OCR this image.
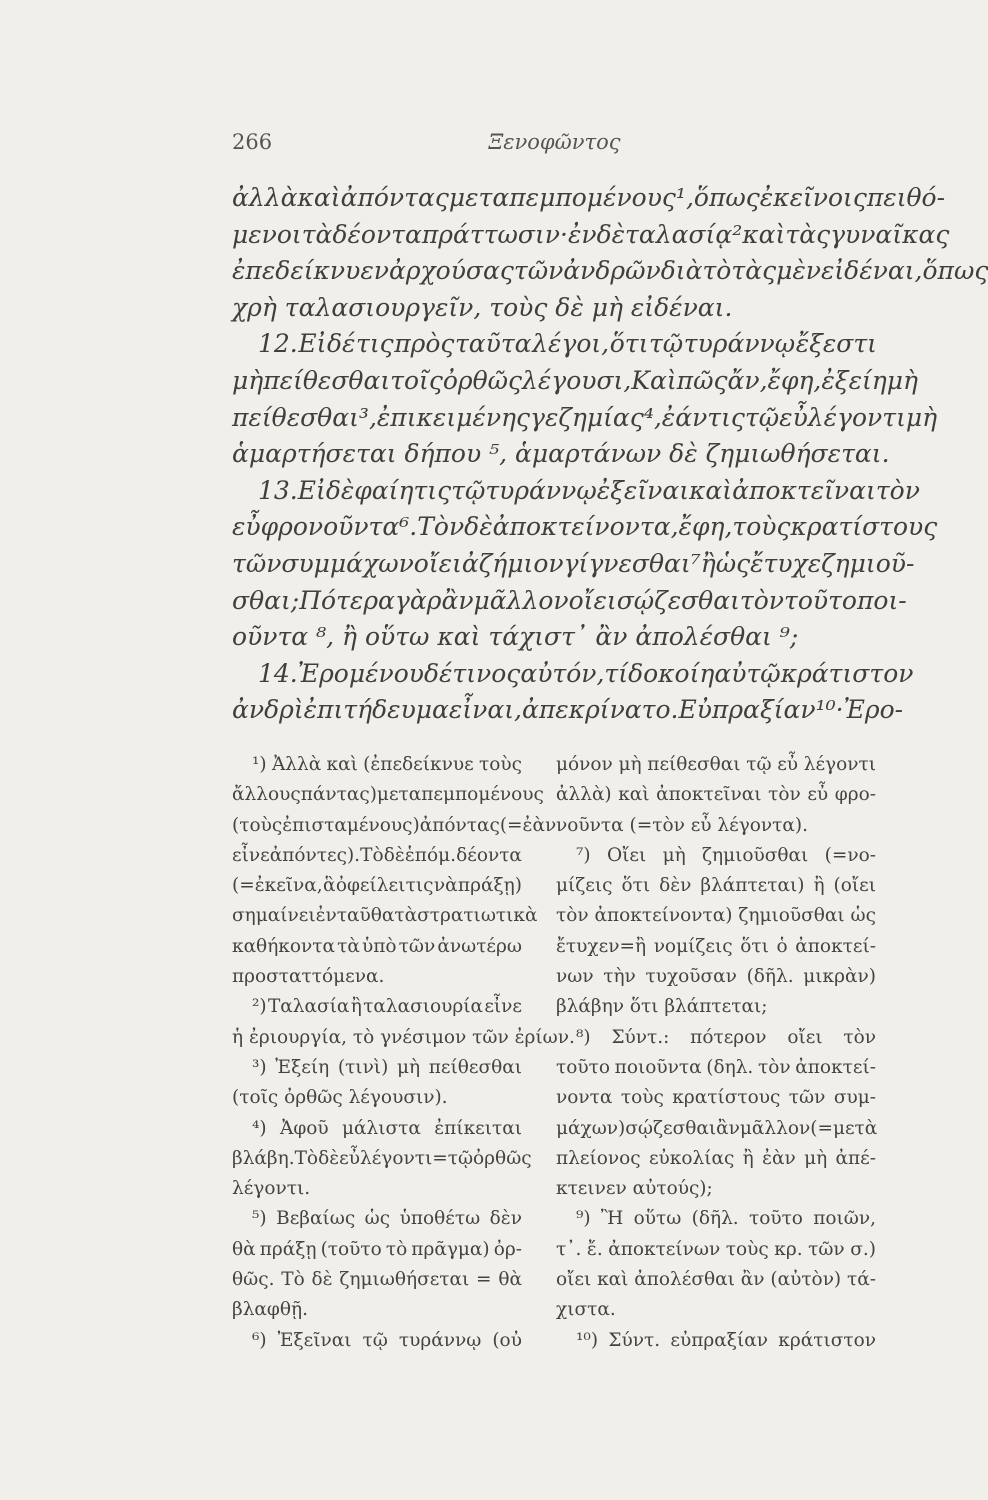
266	Ξενοφῶντος
ἀλλὰ καὶ ἀπόντας μεταπεμπομένους ¹, ὅπως ἐκεῖνοις πειθό-
μενοι τὰ δέοντα πράττωσιν· ἐν δὲ ταλασίᾳ ² καὶ τὰς γυναῖκας
ἐπεδείκνυεν ἀρχούσας τῶν ἀνδρῶν διὰ τὸ τὰς μὲν εἰδέναι, ὅπως
χρὴ ταλασιουργεῖν, τοὺς δὲ μὴ εἰδέναι.
12. Εἰ δέ τις πρὸς ταῦτα λέγοι, ὅτι τῷ τυράννῳ ἔξεστι
μὴ πείθεσθαι τοῖς ὀρθῶς λέγουσι, Καὶ πῶς ἄν, ἔφη, ἐξείη μὴ
πείθεσθαι ³, ἐπικειμένης γε ζημίας ⁴, ἐάν τις τῷ εὖ λέγοντι μὴ
ἁμαρτήσεται δήπου ⁵, ἁμαρτάνων δὲ ζημιωθήσεται.
13. Εἰ δὲ φαίη τις τῷ τυράννῳ ἐξεῖναι καὶ ἀποκτεῖναι τὸν
εὖ φρονοῦντα ⁶. Τὸν δὲ ἀποκτείνοντα, ἔφη, τοὺς κρατίστους
τῶν συμμάχων οἴει ἀζήμιον γίγνεσθαι ⁷ ἢ ὡς ἔτυχε ζημιοῦ-
σθαι; Πότερα γὰρ ἂν μᾶλλον οἴει σῴζεσθαι τὸν τοῦτο ποι-
οῦντα ⁸, ἢ οὕτω καὶ τάχιστ᾽ ἂν ἀπολέσθαι ⁹;
14. Ἐρομένου δέ τινος αὐτόν, τί δοκοίη αὐτῷ κράτιστον
ἀνδρὶ ἐπιτήδευμα εἶναι, ἀπεκρίνατο. Εὐπραξίαν ¹⁰· Ἐρο-
¹) Ἀλλὰ καὶ (ἐπεδείκνυε τοὺς
ἄλλους πάντας) μεταπεμπομένους
(τοὺς ἐπισταμένους) ἀπόντας (=ἐὰν
εἶνε ἀπόντες). Τὸ δὲ ἑπόμ. δέοντα
(=ἐκεῖνα, ἃ ὀφείλει τις νὰ πράξῃ)
σημαίνει ἐνταῦθα τὰ στρατιωτικὰ
καθήκοντα τὰ ὑπὸ τῶν ἀνωτέρω
προσταττόμενα.
²) Ταλασία ἢ ταλασιουρία εἶνε
ἡ ἐριουργία, τὸ γνέσιμον τῶν ἐρίων.
³) Ἐξείη (τινὶ) μὴ πείθεσθαι
(τοῖς ὀρθῶς λέγουσιν).
⁴) Ἀφοῦ μάλιστα ἐπίκειται
βλάβη. Τὸ δὲ εὖ λέγοντι=τῷ ὀρθῶς
λέγοντι.
⁵) Βεβαίως ὡς ὑποθέτω δὲν
θὰ πράξῃ (τοῦτο τὸ πρᾶγμα) ὀρ-
θῶς. Τὸ δὲ ζημιωθήσεται = θὰ
βλαφθῇ.
⁶) Ἐξεῖναι τῷ τυράννῳ (οὐ
μόνον μὴ πείθεσθαι τῷ εὖ λέγοντι
ἀλλὰ) καὶ ἀποκτεῖναι τὸν εὖ φρο-
νοῦντα (=τὸν εὖ λέγοντα).
⁷) Οἴει μὴ ζημιοῦσθαι (=νο-
μίζεις ὅτι δὲν βλάπτεται) ἢ (οἴει
τὸν ἀποκτείνοντα) ζημιοῦσθαι ὡς
ἔτυχεν=ἢ νομίζεις ὅτι ὁ ἀποκτεί-
νων τὴν τυχοῦσαν (δῆλ. μικρὰν)
βλάβην ὅτι βλάπτεται;
⁸) Σύντ.: πότερον οἴει τὸν
τοῦτο ποιοῦντα (δηλ. τὸν ἀποκτεί-
νοντα τοὺς κρατίστους τῶν συμ-
μάχων) σῴζεσθαι ἂν μᾶλλον (=μετὰ
πλείονος εὐκολίας ἢ ἐὰν μὴ ἀπέ-
κτεινεν αὐτούς);
⁹) Ἢ οὕτω (δῆλ. τοῦτο ποιῶν,
τ᾽. ἔ. ἀποκτείνων τοὺς κρ. τῶν σ.)
οἴει καὶ ἀπολέσθαι ἂν (αὐτὸν) τά-
χιστα.
¹⁰) Σύντ. εὐπραξίαν κράτιστον
